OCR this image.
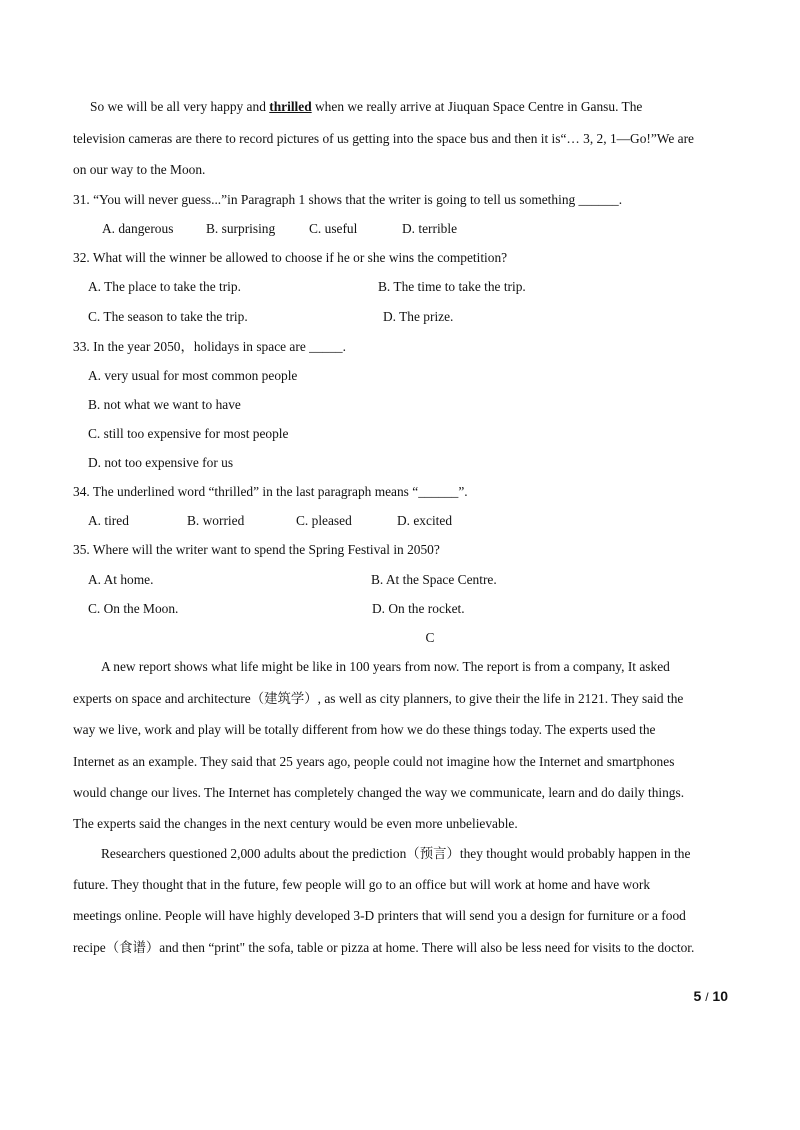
So we will be all very happy and thrilled when we really arrive at Jiuquan Space Centre in Gansu. The
television cameras are there to record pictures of us getting into the space bus and then it is“… 3, 2, 1—Go!”We are
on our way to the Moon.
31. “You will never guess...”in Paragraph 1 shows that the writer is going to tell us something ______.
A. dangerous B. surprising	C. useful	D. terrible
32. What will the winner be allowed to choose if he or she wins the competition?
A. The place to take the trip.	B. The time to take the trip.
C. The season to take the trip.	D. The prize.
33. In the year 2050，holidays in space are _____.
A. very usual for most common people
B. not what we want to have
C. still too expensive for most people
D. not too expensive for us
34. The underlined word “thrilled” in the last paragraph means “______”.
A. tired	B. worried	C. pleased	D. excited
35. Where will the writer want to spend the Spring Festival in 2050?
A. At home.	B. At the Space Centre.
C. On the Moon.	D. On the rocket.
C
A new report shows what life might be like in 100 years from now. The report is from a company, It asked
experts on space and architecture（建筑学）, as well as city planners, to give their the life in 2121. They said the
way we live, work and play will be totally different from how we do these things today. The experts used the
Internet as an example. They said that 25 years ago, people could not imagine how the Internet and smartphones
would change our lives. The Internet has completely changed the way we communicate, learn and do daily things.
The experts said the changes in the next century would be even more unbelievable.
Researchers questioned 2,000 adults about the prediction（预言）they thought would probably happen in the
future. They thought that in the future, few people will go to an office but will work at home and have work
meetings online. People will have highly developed 3-D printers that will send you a design for furniture or a food
recipe（食谱）and then “print" the sofa, table or pizza at home. There will also be less need for visits to the doctor.
5 / 10
